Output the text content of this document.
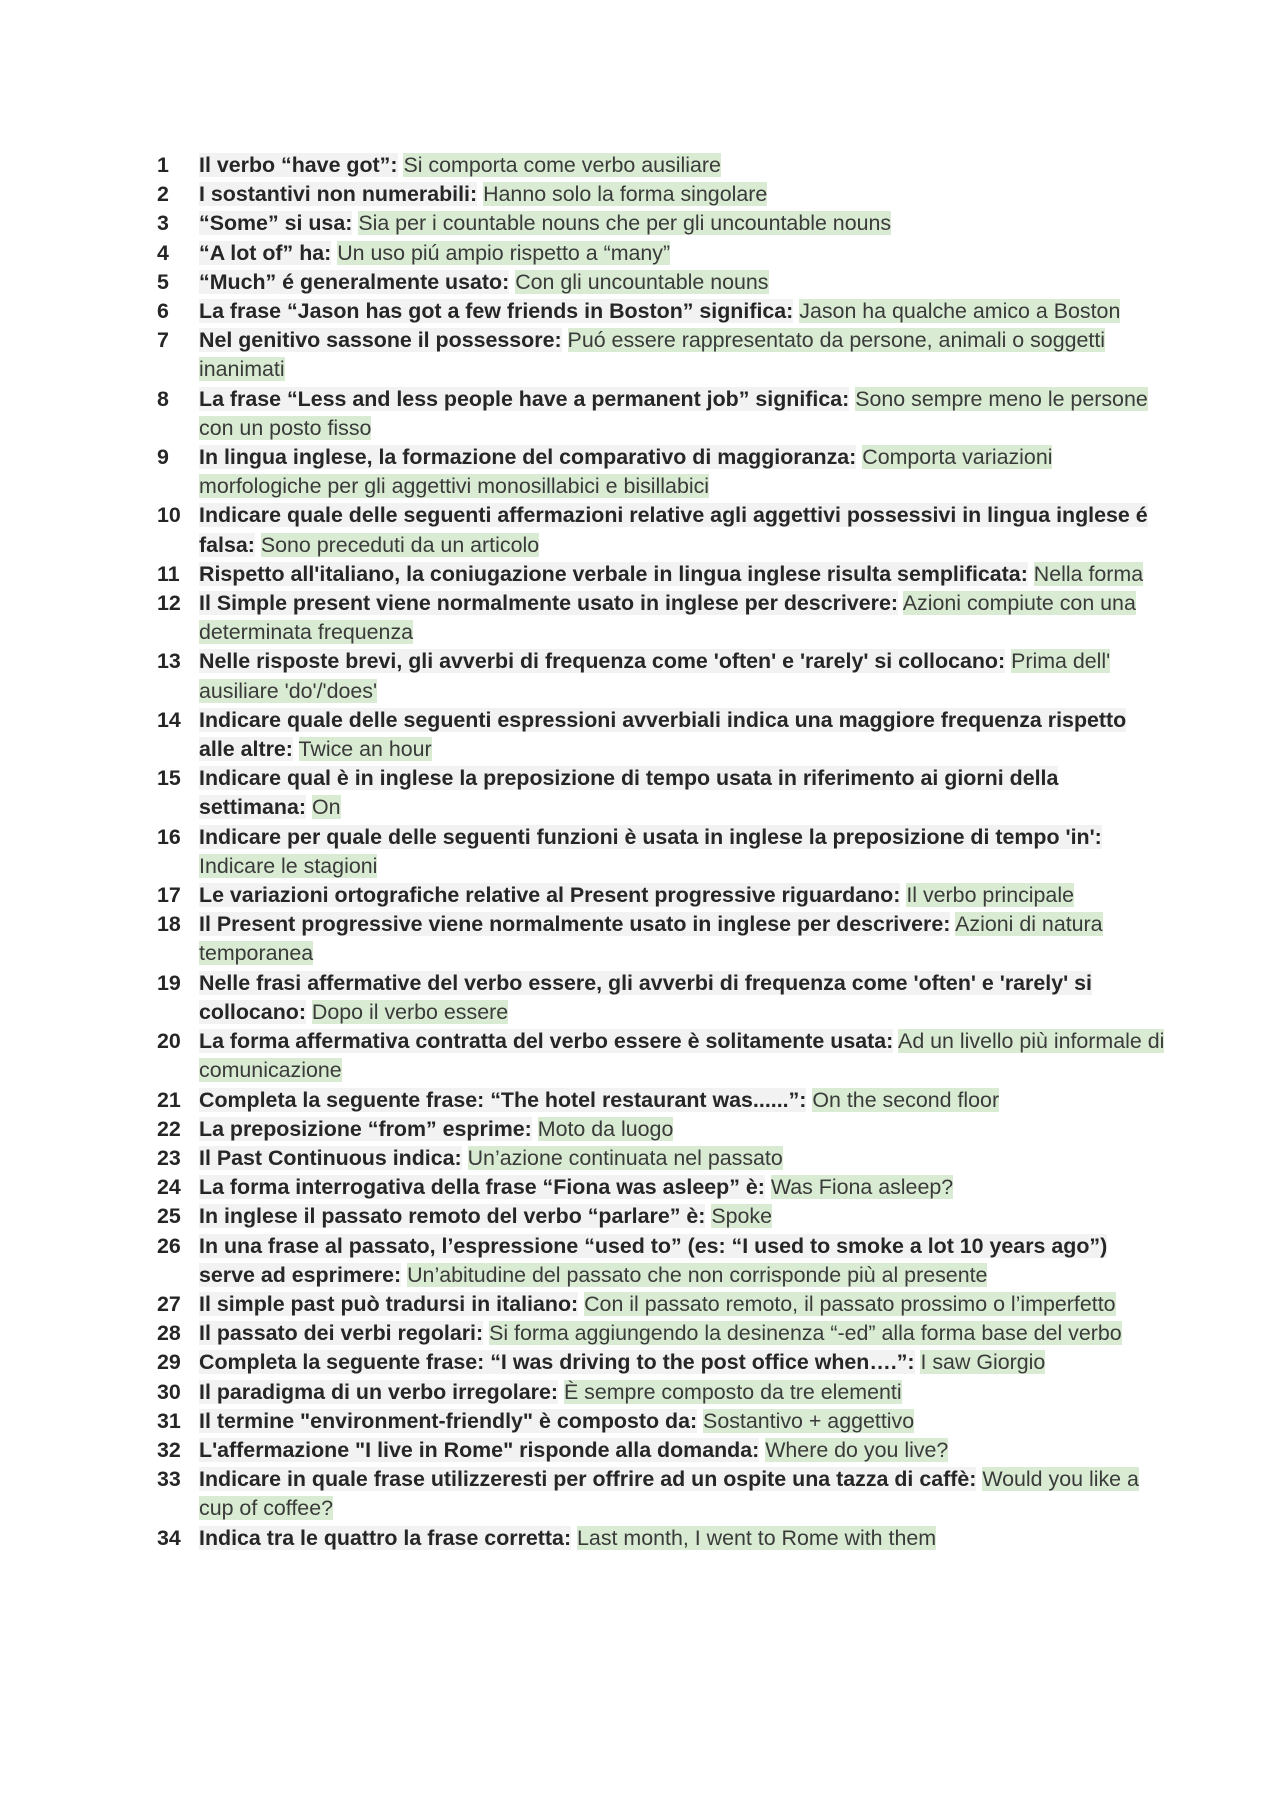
1 Il verbo “have got”: Si comporta come verbo ausiliare
2 I sostantivi non numerabili: Hanno solo la forma singolare
3 “Some” si usa: Sia per i countable nouns che per gli uncountable nouns
4 “A lot of” ha: Un uso piú ampio rispetto a “many”
5 “Much” é generalmente usato: Con gli uncountable nouns
6 La frase “Jason has got a few friends in Boston” significa: Jason ha qualche amico a Boston
7 Nel genitivo sassone il possessore: Puó essere rappresentato da persone, animali o soggetti inanimati
8 La frase “Less and less people have a permanent job” significa: Sono sempre meno le persone con un posto fisso
9 In lingua inglese, la formazione del comparativo di maggioranza: Comporta variazioni morfologiche per gli aggettivi monosillabici e bisillabici
10 Indicare quale delle seguenti affermazioni relative agli aggettivi possessivi in lingua inglese é falsa: Sono preceduti da un articolo
11 Rispetto all'italiano, la coniugazione verbale in lingua inglese risulta semplificata: Nella forma
12 Il Simple present viene normalmente usato in inglese per descrivere: Azioni compiute con una determinata frequenza
13 Nelle risposte brevi, gli avverbi di frequenza come 'often' e 'rarely' si collocano: Prima dell' ausiliare 'do'/'does'
14 Indicare quale delle seguenti espressioni avverbiali indica una maggiore frequenza rispetto alle altre: Twice an hour
15 Indicare qual è in inglese la preposizione di tempo usata in riferimento ai giorni della settimana: On
16 Indicare per quale delle seguenti funzioni è usata in inglese la preposizione di tempo 'in': Indicare le stagioni
17 Le variazioni ortografiche relative al Present progressive riguardano: Il verbo principale
18 Il Present progressive viene normalmente usato in inglese per descrivere: Azioni di natura temporanea
19 Nelle frasi affermative del verbo essere, gli avverbi di frequenza come 'often' e 'rarely' si collocano: Dopo il verbo essere
20 La forma affermativa contratta del verbo essere è solitamente usata: Ad un livello più informale di comunicazione
21 Completa la seguente frase: “The hotel restaurant was......”: On the second floor
22 La preposizione “from” esprime: Moto da luogo
23 Il Past Continuous indica: Un’azione continuata nel passato
24 La forma interrogativa della frase “Fiona was asleep” è: Was Fiona asleep?
25 In inglese il passato remoto del verbo “parlare” è: Spoke
26 In una frase al passato, l’espressione “used to” (es: “I used to smoke a lot 10 years ago”) serve ad esprimere: Un’abitudine del passato che non corrisponde più al presente
27 Il simple past può tradursi in italiano: Con il passato remoto, il passato prossimo o l’imperfetto
28 Il passato dei verbi regolari: Si forma aggiungendo la desinenza “-ed” alla forma base del verbo
29 Completa la seguente frase: “I was driving to the post office when….”: I saw Giorgio
30 Il paradigma di un verbo irregolare: È sempre composto da tre elementi
31 Il termine "environment-friendly" è composto da: Sostantivo + aggettivo
32 L'affermazione "I live in Rome" risponde alla domanda: Where do you live?
33 Indicare in quale frase utilizzeresti per offrire ad un ospite una tazza di caffè: Would you like a cup of coffee?
34 Indica tra le quattro la frase corretta: Last month, I went to Rome with them
